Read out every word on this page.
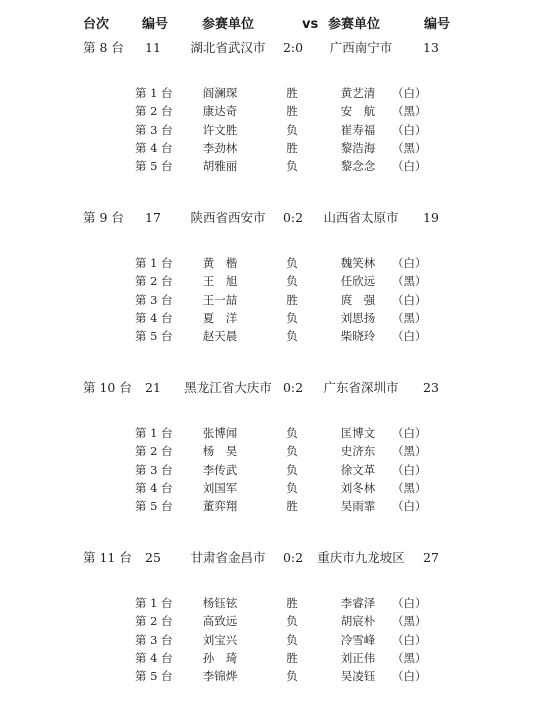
台次	编号	参赛单位	vs 参赛单位	编号
第 8 台 11 湖北省武汉市 2:0 广西南宁市 13
第 1 台	阎澜琛	胜	黄艺清 （白）
第 2 台	康达奇	胜	安　航 （黑）
第 3 台	许文胜	负	崔寿福 （白）
第 4 台	李劲林	胜	黎浩海 （黑）
第 5 台	胡雅丽	负	黎念念 （白）
第 9 台 17 陕西省西安市 0:2 山西省太原市 19
第 1 台	黄　楷	负	魏笑林 （白）
第 2 台	王　旭	负	任欣远 （黑）
第 3 台	王一喆	胜	庹　强 （白）
第 4 台	夏　洋	负	刘思扬 （黑）
第 5 台	赵天晨	负	柴晓玲 （白）
第 10 台 21 黑龙江省大庆市 0:2 广东省深圳市 23
第 1 台	张博闻	负	匡博文 （白）
第 2 台	杨　昊	负	史济东 （黑）
第 3 台	李传武	负	徐文革 （白）
第 4 台	刘国军	负	刘冬林 （黑）
第 5 台	董弈翔	胜	吴雨霏 （白）
第 11 台 25 甘肃省金昌市 0:2 重庆市九龙坡区 27
第 1 台	杨钰铉	胜	李睿泽 （白）
第 2 台	高致远	负	胡宸朴 （黑）
第 3 台	刘宝兴	负	冷雪峰 （白）
第 4 台	孙　琦	胜	刘正伟 （黑）
第 5 台	李锦烨	负	吴凌钰 （白）
